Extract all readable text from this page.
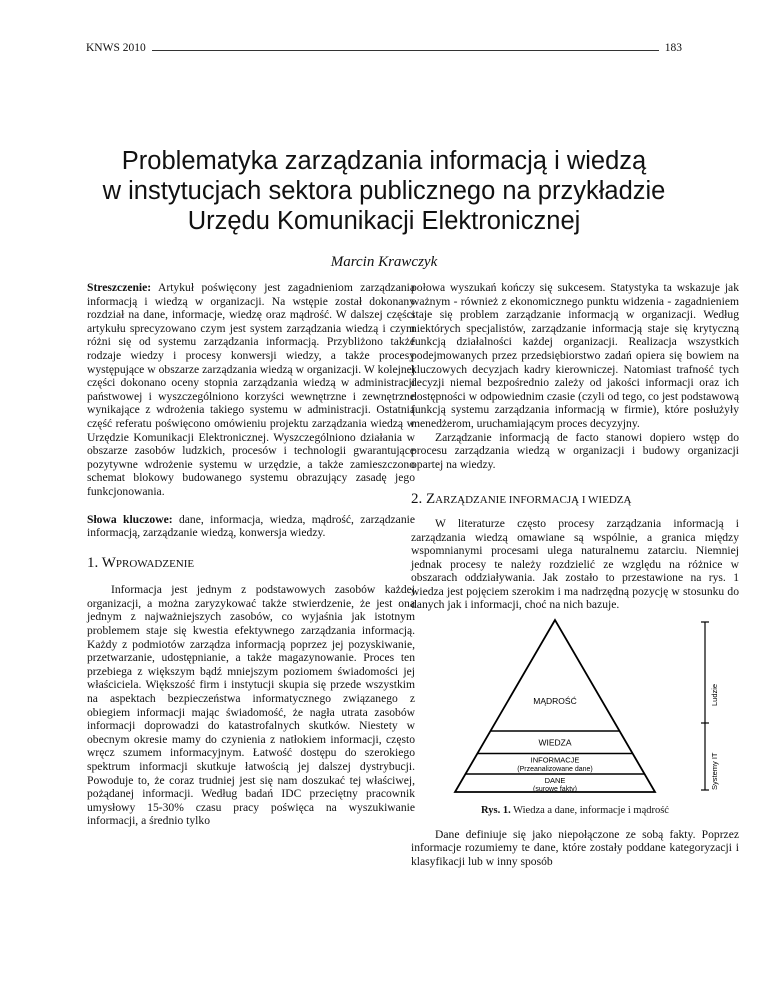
KNWS 2010	183
Problematyka zarządzania informacją i wiedzą
w instytucjach sektora publicznego na przykładzie
Urzędu Komunikacji Elektronicznej
Marcin Krawczyk

Streszczenie: Artykuł poświęcony jest zagadnieniom zarządzania informacją i wiedzą w organizacji. Na wstępie został dokonany rozdział na dane, informacje, wiedzę oraz mądrość. W dalszej części artykułu sprecyzowano czym jest system zarządzania wiedzą i czym różni się od systemu zarządzania informacją. Przybliżono także rodzaje wiedzy i procesy konwersji wiedzy, a także procesy występujące w obszarze zarządzania wiedzą w organizacji. W kolejnej części dokonano oceny stopnia zarządzania wiedzą w administracji państwowej i wyszczególniono korzyści wewnętrzne i zewnętrzne wynikające z wdrożenia takiego systemu w administracji. Ostatnią część referatu poświęcono omówieniu projektu zarządzania wiedzą w Urzędzie Komunikacji Elektronicznej. Wyszczególniono działania w obszarze zasobów ludzkich, procesów i technologii gwarantujące pozytywne wdrożenie systemu w urzędzie, a także zamieszczono schemat blokowy budowanego systemu obrazujący zasadę jego funkcjonowania.

Słowa kluczowe: dane, informacja, wiedza, mądrość, zarządzanie informacją, zarządzanie wiedzą, konwersja wiedzy.

1. WPROWADZENIE

Informacja jest jednym z podstawowych zasobów każdej organizacji, a można zaryzykować także stwierdzenie, że jest ona jednym z najważniejszych zasobów, co wyjaśnia jak istotnym problemem staje się kwestia efektywnego zarządzania informacją. Każdy z podmiotów zarządza informacją poprzez jej pozyskiwanie, przetwarzanie, udostępnianie, a także magazynowanie. Proces ten przebiega z większym bądź mniejszym poziomem świadomości jej właściciela. Większość firm i instytucji skupia się przede wszystkim na aspektach bezpieczeństwa informatycznego związanego z obiegiem informacji mając świadomość, że nagła utrata zasobów informacji doprowadzi do katastrofalnych skutków. Niestety w obecnym okresie mamy do czynienia z natłokiem informacji, często wręcz szumem informacyjnym. Łatwość dostępu do szerokiego spektrum informacji skutkuje łatwością jej dalszej dystrybucji. Powoduje to, że coraz trudniej jest się nam doszukać tej właściwej, pożądanej informacji. Według badań IDC przeciętny pracownik umysłowy 15-30% czasu pracy poświęca na wyszukiwanie informacji, a średnio tylko

połowa wyszukań kończy się sukcesem. Statystyka ta wskazuje jak ważnym - również z ekonomicznego punktu widzenia - zagadnieniem staje się problem zarządzanie informacją w organizacji. Według niektórych specjalistów, zarządzanie informacją staje się krytyczną funkcją działalności każdej organizacji. Realizacja wszystkich podejmowanych przez przedsiębiorstwo zadań opiera się bowiem na kluczowych decyzjach kadry kierowniczej. Natomiast trafność tych decyzji niemal bezpośrednio zależy od jakości informacji oraz ich dostępności w odpowiednim czasie (czyli od tego, co jest podstawową funkcją systemu zarządzania informacją w firmie), które posłużyły menedżerom, uruchamiającym proces decyzyjny.

Zarządzanie informacją de facto stanowi dopiero wstęp do procesu zarządzania wiedzą w organizacji i budowy organizacji opartej na wiedzy.

2. ZARZĄDZANIE INFORMACJĄ I WIEDZĄ

W literaturze często procesy zarządzania informacją i zarządzania wiedzą omawiane są wspólnie, a granica między wspomnianymi procesami ulega naturalnemu zatarciu. Niemniej jednak procesy te należy rozdzielić ze względu na różnice w obszarach oddziaływania. Jak zostało to przestawione na rys. 1 wiedza jest pojęciem szerokim i ma nadrzędną pozycję w stosunku do danych jak i informacji, choć na nich bazuje.

MĄDROŚĆ
WIEDZA
INFORMACJE
(Przeanalizowane dane)
DANE
(surowe fakty)
Ludzie
Systemy IT
Rys. 1. Wiedza a dane, informacje i mądrość

Dane definiuje się jako niepołączone ze sobą fakty. Poprzez informacje rozumiemy te dane, które zostały poddane kategoryzacji i klasyfikacji lub w inny sposób
